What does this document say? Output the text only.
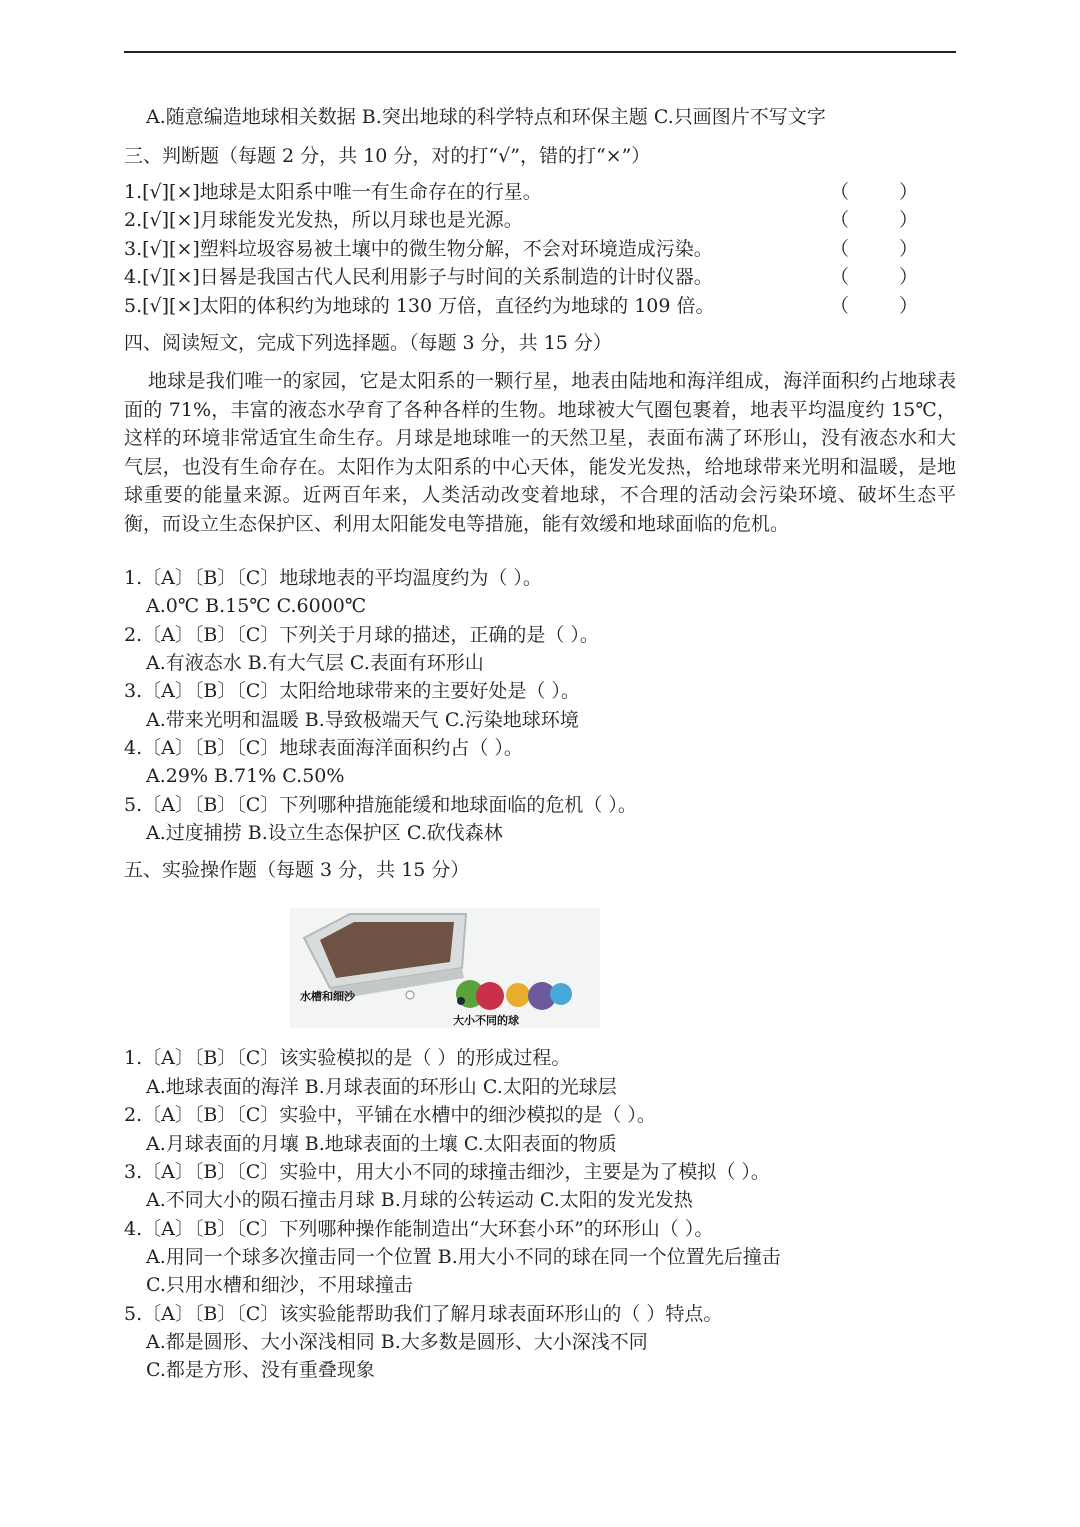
A.随意编造地球相关数据 B.突出地球的科学特点和环保主题 C.只画图片不写文字
三、判断题（每题 2 分，共 10 分，对的打“√”，错的打“×”）
1.[√][×]地球是太阳系中唯一有生命存在的行星。	（ ）
2.[√][×]月球能发光发热，所以月球也是光源。	（ ）
3.[√][×]塑料垃圾容易被土壤中的微生物分解，不会对环境造成污染。	（ ）
4.[√][×]日晷是我国古代人民利用影子与时间的关系制造的计时仪器。	（ ）
5.[√][×]太阳的体积约为地球的 130 万倍，直径约为地球的 109 倍。	（ ）
四、阅读短文，完成下列选择题。（每题 3 分，共 15 分）

地球是我们唯一的家园，它是太阳系的一颗行星，地表由陆地和海洋组成，海洋面积约占地球表面的 71%，丰富的液态水孕育了各种各样的生物。地球被大气圈包裹着，地表平均温度约 15℃，这样的环境非常适宜生命生存。月球是地球唯一的天然卫星，表面布满了环形山，没有液态水和大气层，也没有生命存在。太阳作为太阳系的中心天体，能发光发热，给地球带来光明和温暖，是地球重要的能量来源。近两百年来，人类活动改变着地球，不合理的活动会污染环境、破坏生态平衡，而设立生态保护区、利用太阳能发电等措施，能有效缓和地球面临的危机。

1.〔A〕〔B〕〔C〕地球地表的平均温度约为（ ）。
A.0℃ B.15℃ C.6000℃
2.〔A〕〔B〕〔C〕下列关于月球的描述，正确的是（ ）。
A.有液态水 B.有大气层 C.表面有环形山
3.〔A〕〔B〕〔C〕太阳给地球带来的主要好处是（ ）。
A.带来光明和温暖 B.导致极端天气 C.污染地球环境
4.〔A〕〔B〕〔C〕地球表面海洋面积约占（ ）。
A.29% B.71% C.50%
5.〔A〕〔B〕〔C〕下列哪种措施能缓和地球面临的危机（ ）。
A.过度捕捞 B.设立生态保护区 C.砍伐森林
五、实验操作题（每题 3 分，共 15 分）
水槽和细沙
大小不同的球
1.〔A〕〔B〕〔C〕该实验模拟的是（ ）的形成过程。
A.地球表面的海洋 B.月球表面的环形山 C.太阳的光球层
2.〔A〕〔B〕〔C〕实验中，平铺在水槽中的细沙模拟的是（ ）。
A.月球表面的月壤 B.地球表面的土壤 C.太阳表面的物质
3.〔A〕〔B〕〔C〕实验中，用大小不同的球撞击细沙，主要是为了模拟（ ）。
A.不同大小的陨石撞击月球 B.月球的公转运动 C.太阳的发光发热
4.〔A〕〔B〕〔C〕下列哪种操作能制造出“大环套小环”的环形山（ ）。
A.用同一个球多次撞击同一个位置 B.用大小不同的球在同一个位置先后撞击
C.只用水槽和细沙，不用球撞击
5.〔A〕〔B〕〔C〕该实验能帮助我们了解月球表面环形山的（ ）特点。
A.都是圆形、大小深浅相同 B.大多数是圆形、大小深浅不同
C.都是方形、没有重叠现象
